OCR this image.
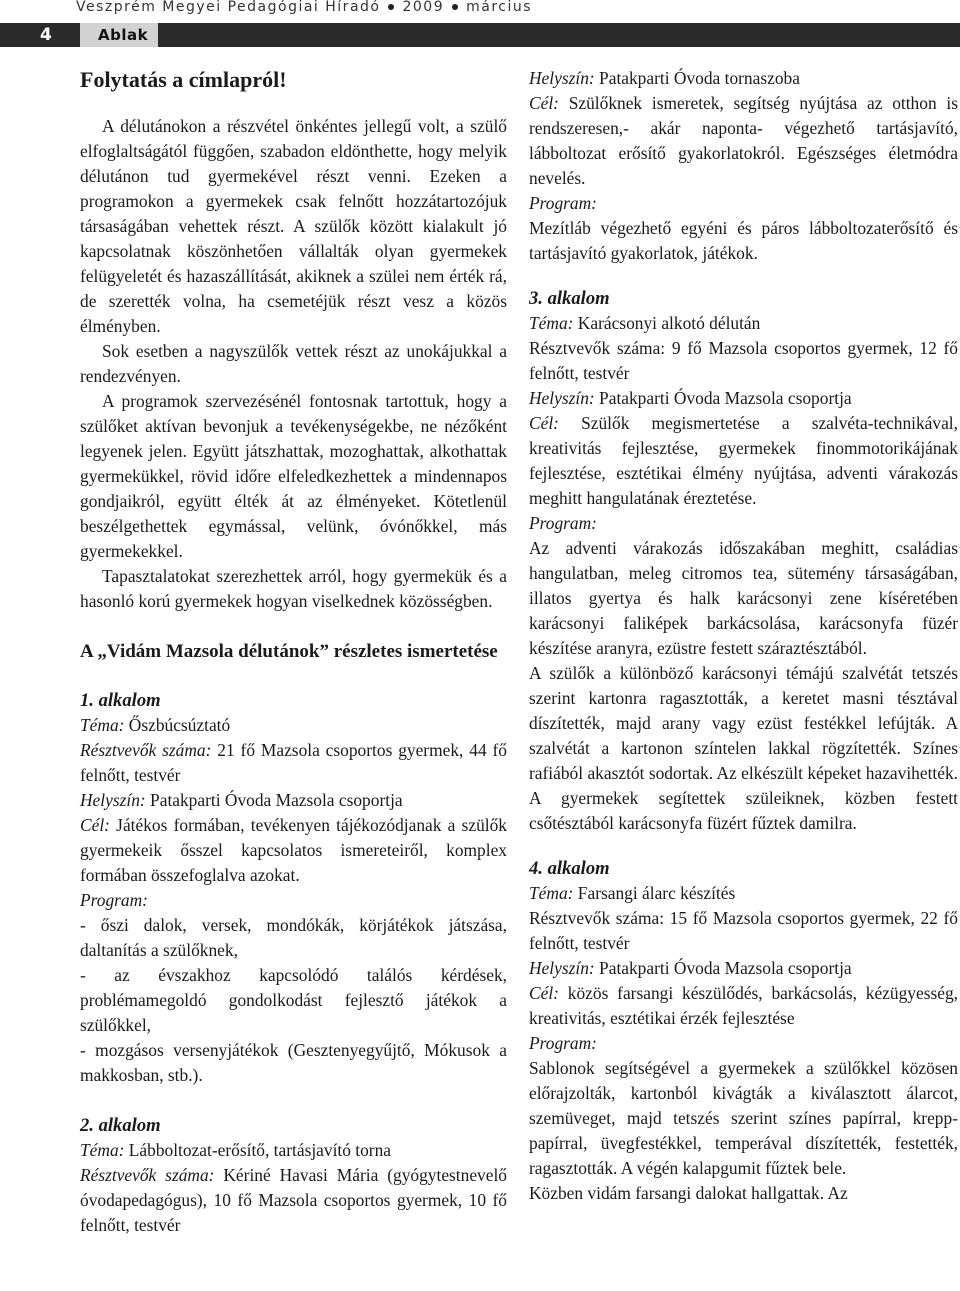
Veszprém Megyei Pedagógiai Híradó 2009 március
4	Ablak

Folytatás a címlapról!

A délutánokon a részvétel önkéntes jellegű volt, a szülő elfoglaltságától függően, szabadon eldönthette, hogy melyik délutánon tud gyermekével részt venni. Ezeken a programokon a gyermekek csak felnőtt hozzátartozójuk társaságában vehettek részt. A szülők között kialakult jó kapcsolatnak köszönhetően vállalták olyan gyermekek felügyeletét és hazaszállítását, akiknek a szülei nem érték rá, de szerették volna, ha csemetéjük részt vesz a közös élményben.

Sok esetben a nagyszülők vettek részt az unokájukkal a rendezvényen.

A programok szervezésénél fontosnak tartottuk, hogy a szülőket aktívan bevonjuk a tevékenységekbe, ne nézőként legyenek jelen. Együtt játszhattak, mozoghattak, alkothattak gyermekükkel, rövid időre elfeledkezhettek a mindennapos gondjaikról, együtt élték át az élményeket. Kötetlenül beszélgethettek egymással, velünk, óvónőkkel, más gyermekekkel.

Tapasztalatokat szerezhettek arról, hogy gyermekük és a hasonló korú gyermekek hogyan viselkednek közösségben.

A „Vidám Mazsola délutánok” részletes ismertetése

1. alkalom

Téma: Őszbúcsúztató

Résztvevők száma: 21 fő Mazsola csoportos gyermek, 44 fő felnőtt, testvér

Helyszín: Patakparti Óvoda Mazsola csoportja

Cél: Játékos formában, tevékenyen tájékozódjanak a szülők gyermekeik ősszel kapcsolatos ismereteiről, komplex formában összefoglalva azokat.

Program:

- őszi dalok, versek, mondókák, körjátékok játszása, daltanítás a szülőknek,

- az évszakhoz kapcsolódó találós kérdések, problémamegoldó gondolkodást fejlesztő játékok a szülőkkel,

- mozgásos versenyjátékok (Gesztenyegyűjtő, Mókusok a makkosban, stb.).

2. alkalom

Téma: Lábboltozat-erősítő, tartásjavító torna

Résztvevők száma: Kériné Havasi Mária (gyógytestnevelő óvodapedagógus), 10 fő Mazsola csoportos gyermek, 10 fő felnőtt, testvér

Helyszín: Patakparti Óvoda tornaszoba

Cél: Szülőknek ismeretek, segítség nyújtása az otthon is rendszeresen,- akár naponta- végezhető tartásjavító, lábboltozat erősítő gyakorlatokról. Egészséges életmódra nevelés.

Program:

Mezítláb végezhető egyéni és páros lábboltozaterősítő és tartásjavító gyakorlatok, játékok.

3. alkalom

Téma: Karácsonyi alkotó délután

Résztvevők száma: 9 fő Mazsola csoportos gyermek, 12 fő felnőtt, testvér

Helyszín: Patakparti Óvoda Mazsola csoportja

Cél: Szülők megismertetése a szalvéta-technikával, kreativitás fejlesztése, gyermekek finommotorikájának fejlesztése, esztétikai élmény nyújtása, adventi várakozás meghitt hangulatának éreztetése.

Program:

Az adventi várakozás időszakában meghitt, családias hangulatban, meleg citromos tea, sütemény társaságában, illatos gyertya és halk karácsonyi zene kíséretében karácsonyi faliképek barkácsolása, karácsonyfa füzér készítése aranyra, ezüstre festett száraztésztából.

A szülők a különböző karácsonyi témájú szalvétát tetszés szerint kartonra ragasztották, a keretet masni tésztával díszítették, majd arany vagy ezüst festékkel lefújták. A szalvétát a kartonon színtelen lakkal rögzítették. Színes rafiából akasztót sodortak. Az elkészült képeket hazavihették. A gyermekek segítettek szüleiknek, közben festett csőtésztából karácsonyfa füzért fűztek damilra.

4. alkalom

Téma: Farsangi álarc készítés

Résztvevők száma: 15 fő Mazsola csoportos gyermek, 22 fő felnőtt, testvér

Helyszín: Patakparti Óvoda Mazsola csoportja

Cél: közös farsangi készülődés, barkácsolás, kézügyesség, kreativitás, esztétikai érzék fejlesztése

Program:

Sablonok segítségével a gyermekek a szülőkkel közösen előrajzolták, kartonból kivágták a kiválasztott álarcot, szemüveget, majd tetszés szerint színes papírral, krepp-papírral, üvegfestékkel, temperával díszítették, festették, ragasztották. A végén kalapgumit fűztek bele.

Közben vidám farsangi dalokat hallgattak. Az
